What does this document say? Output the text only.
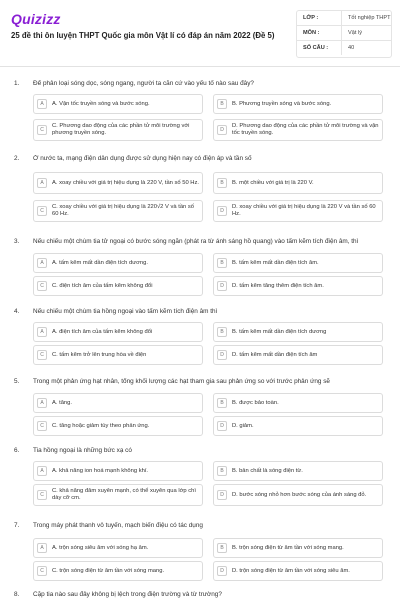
Quizizz
25 đề thi ôn luyện THPT Quốc gia môn Vật lí có đáp án năm 2022 (Đề 5)
LỚP :	Tốt nghiệp THPT
MÔN :	Vật lý
SỐ CÂU :	40
1. Để phân loại sóng dọc, sóng ngang, người ta căn cứ vào yếu tố nào sau đây?
A	A. Vận tốc truyền sóng và bước sóng.	B	B. Phương truyền sóng và bước sóng.
C
C. Phương dao động của các phần tử môi trường với phương truyền sóng.	D
D. Phương dao động của các phần tử môi trường và vận tốc truyền sóng.
2. Ở nước ta, mạng điện dân dụng được sử dụng hiện nay có điện áp và tần số
A	A. xoay chiều với giá trị hiệu dụng là 220 V, tần số 50 Hz.	B	B. một chiều với giá trị là 220 V.
C
C. xoay chiều với giá trị hiệu dụng là 220√2 V và tần số 60 Hz.	D
D. xoay chiều với giá trị hiệu dụng là 220 V và tần số 60 Hz.
3. Nếu chiếu một chùm tia tử ngoại có bước sóng ngắn (phát ra từ ánh sáng hồ quang) vào tấm kẽm tích điện âm, thì
A	A. tấm kẽm mất dần điện tích dương.	B	B. tấm kẽm mất dần điện tích âm.
C	C. điện tích âm của tấm kẽm không đổi	D	D. tấm kẽm tăng thêm điện tích âm.
4. Nếu chiếu một chùm tia hồng ngoại vào tấm kẽm tích điện âm thì
A	A. điện tích âm của tấm kẽm không đổi	B	B. tấm kẽm mất dần điện tích dương
C	C. tấm kẽm trở lên trung hòa về điện	D	D. tấm kẽm mất dần điện tích âm
5. Trong một phản ứng hạt nhân, tổng khối lượng các hạt tham gia sau phản ứng so với trước phản ứng sẽ
A	A. tăng.	B	B. được bảo toàn.
C	C. tăng hoặc giảm tùy theo phản ứng.	D	D. giảm.
6. Tia hồng ngoại là những bức xạ có
A	A. khả năng ion hoá mạnh không khí.	B	B. bản chất là sóng điện từ.
C
C. khả năng đâm xuyên mạnh, có thể xuyên qua lớp chì dày cỡ cm.	D	D. bước sóng nhỏ hơn bước sóng của ánh sáng đỏ.
7. Trong máy phát thanh vô tuyến, mạch biến điệu có tác dụng
A	A. trộn sóng siêu âm với sóng hạ âm.	B	B. trộn sóng điện từ âm tần với sóng mang.
C	C. trộn sóng điện từ âm tần với sóng mang.	D	D. trộn sóng điện từ âm tần với sóng siêu âm.
8. Cặp tia nào sau đây không bị lệch trong điện trường và từ trường?
